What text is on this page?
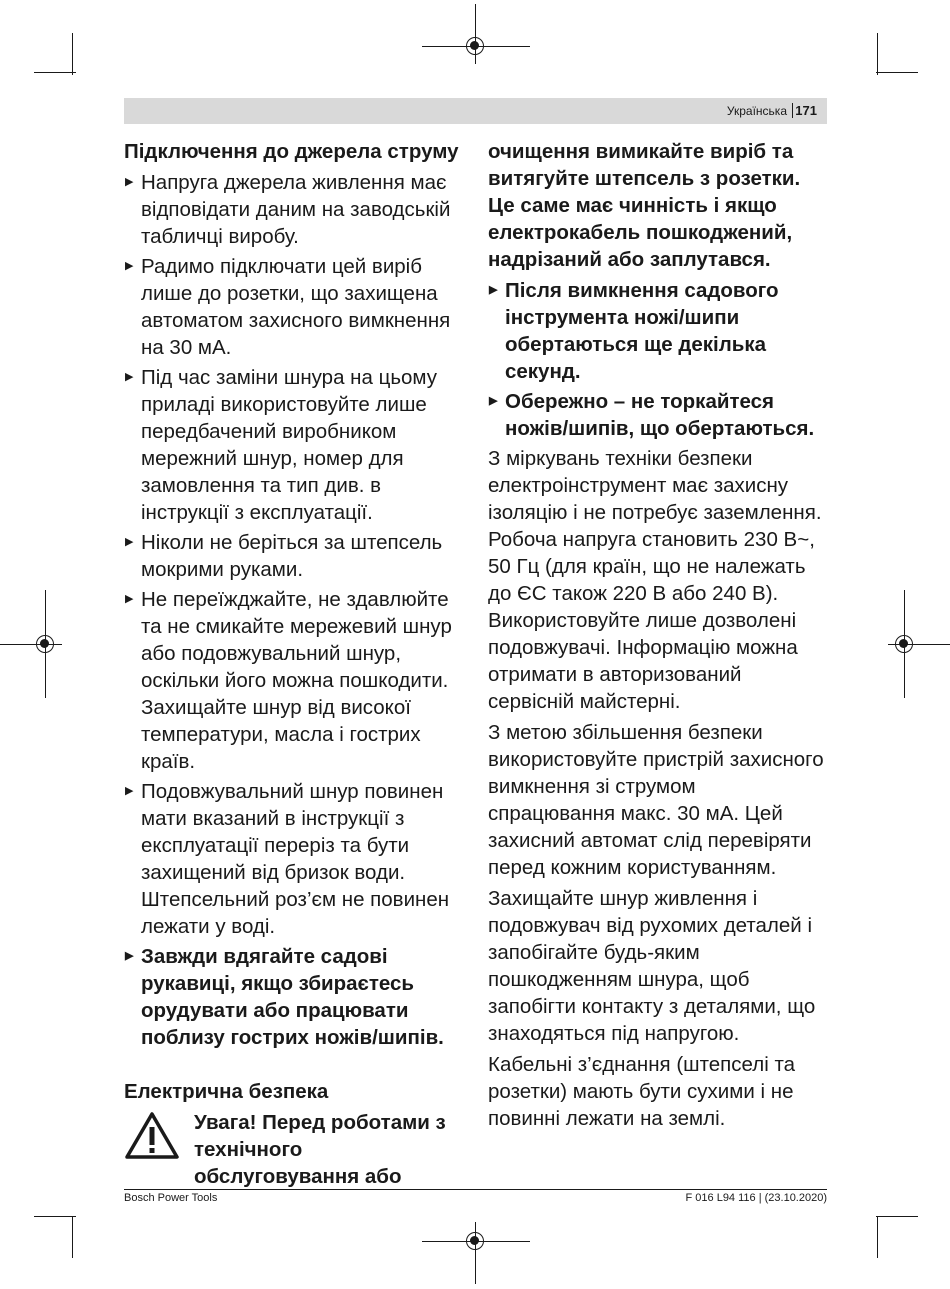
Українська 171
Підключення до джерела струму
▶ Напруга джерела живлення має відповідати даним на заводській табличці виробу.
▶ Радимо підключати цей виріб лише до розетки, що захищена автоматом захисного вимкнення на 30 мА.
▶ Під час заміни шнура на цьому приладі використовуйте лише передбачений виробником мережний шнур, номер для замовлення та тип див. в інструкції з експлуатації.
▶ Ніколи не беріться за штепсель мокрими руками.
▶ Не переїжджайте, не здавлюйте та не смикайте мережевий шнур або подовжувальний шнур, оскільки його можна пошкодити. Захищайте шнур від високої температури, масла і гострих країв.
▶ Подовжувальний шнур повинен мати вказаний в інструкції з експлуатації переріз та бути захищений від бризок води. Штепсельний роз’єм не повинен лежати у воді.
▶ Завжди вдягайте садові рукавиці, якщо збираєтесь орудувати або працювати поблизу гострих ножів/шипів.
Електрична безпека
Увага! Перед роботами з технічного обслуговування або

очищення вимикайте виріб та витягуйте штепсель з розетки. Це саме має чинність і якщо електрокабель пошкоджений, надрізаний або заплутався.

▶ Після вимкнення садового інструмента ножі/шипи обертаються ще декілька секунд.
▶ Обережно – не торкайтеся ножів/шипів, що обертаються.

З міркувань техніки безпеки електроінструмент має захисну ізоляцію і не потребує заземлення. Робоча напруга становить 230 В~, 50 Гц (для країн, що не належать до ЄС також 220 В або 240 В). Використовуйте лише дозволені подовжувачі. Інформацію можна отримати в авторизований сервісній майстерні.

З метою збільшення безпеки використовуйте пристрій захисного вимкнення зі струмом спрацювання макс. 30 мА. Цей захисний автомат слід перевіряти перед кожним користуванням.

Захищайте шнур живлення і подовжувач від рухомих деталей і запобігайте будь-яким пошкодженням шнура, щоб запобігти контакту з деталями, що знаходяться під напругою.

Кабельні з’єднання (штепселі та розетки) мають бути сухими і не повинні лежати на землі.

Bosch Power Tools	F 016 L94 116 | (23.10.2020)
